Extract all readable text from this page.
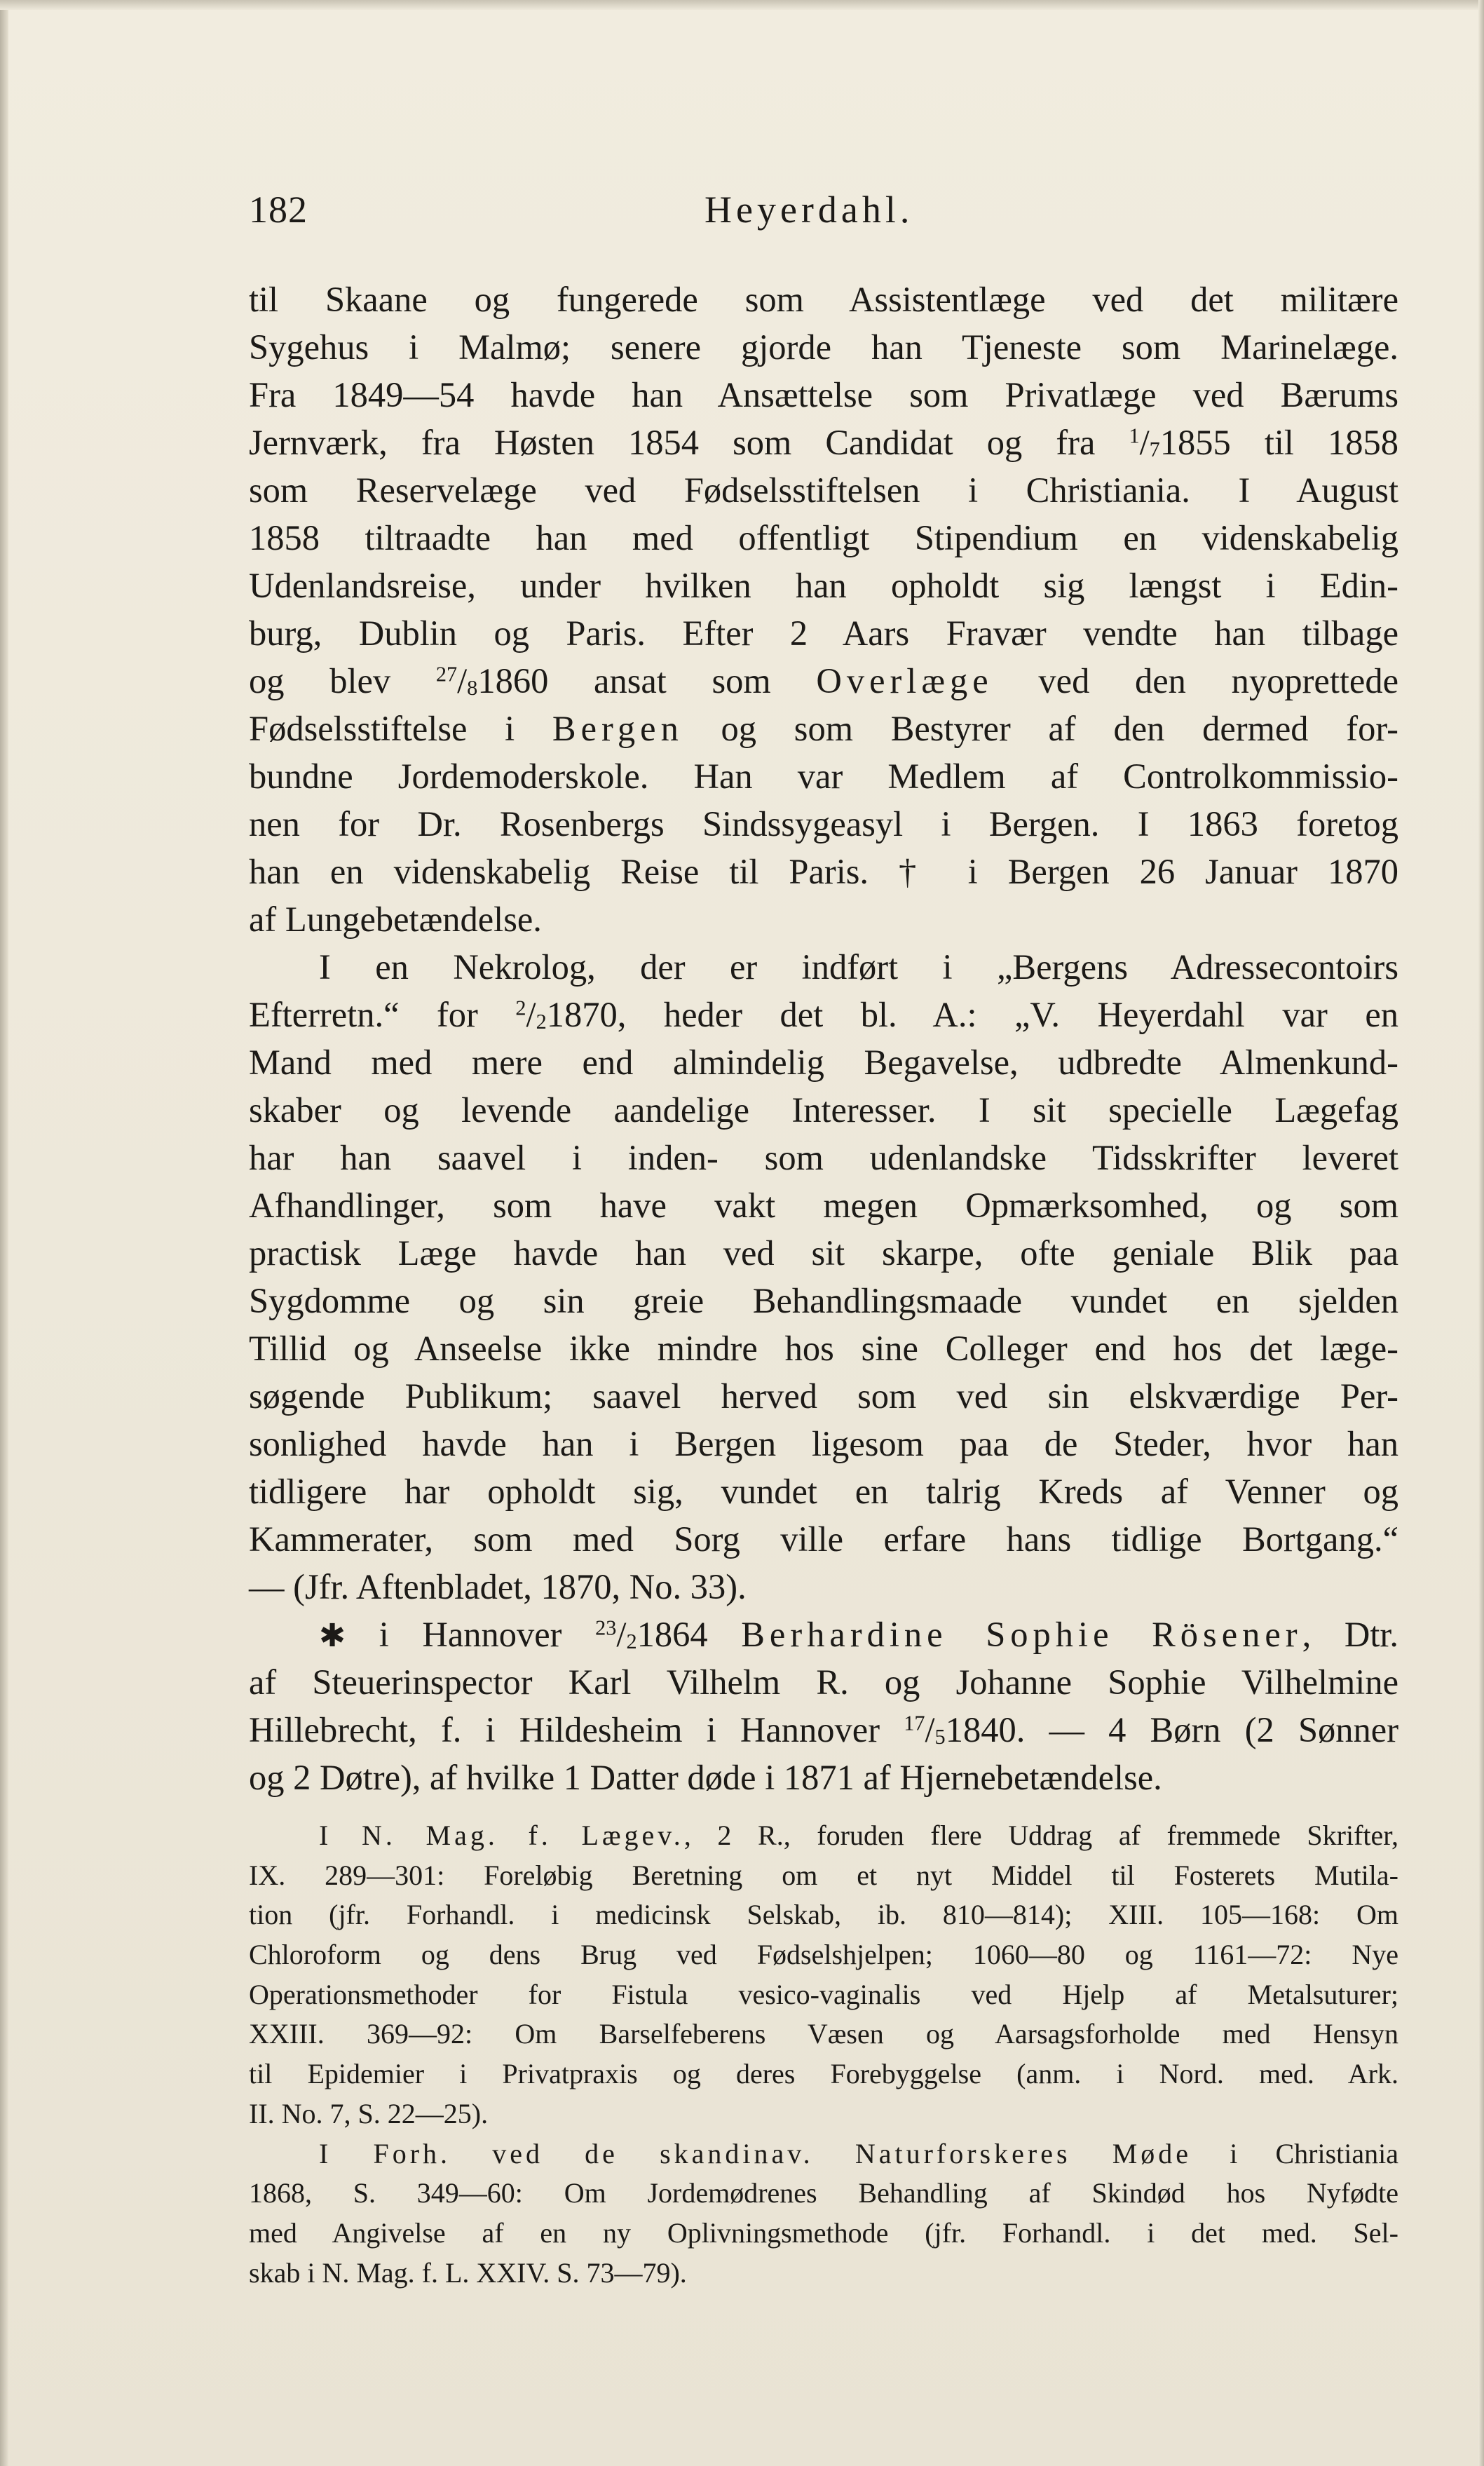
182	Heyerdahl.
til Skaane og fungerede som Assistentlæge ved det militære
Sygehus i Malmø; senere gjorde han Tjeneste som Marinelæge.
Fra 1849—54 havde han Ansættelse som Privatlæge ved Bærums
Jernværk, fra Høsten 1854 som Candidat og fra $^1/_71855$ til 1858
som Reservelæge ved Fødselsstiftelsen i Christiania. I August
1858 tiltraadte han med offentligt Stipendium en videnskabelig
Udenlandsreise, under hvilken han opholdt sig længst i Edin-
burg, Dublin og Paris. Efter 2 Aars Fravær vendte han tilbage
og blev $^{27}/_81860$ ansat som Overlæge ved den nyoprettede
Fødselsstiftelse i Bergen og som Bestyrer af den dermed for-
bundne Jordemoderskole. Han var Medlem af Controlkommissio-
nen for Dr. Rosenbergs Sindssygeasyl i Bergen. I 1863 foretog
han en videnskabelig Reise til Paris. † i Bergen 26 Januar 1870
af Lungebetændelse.
I en Nekrolog, der er indført i „Bergens Adressecontoirs
Efterretn.“ for $^2/_21870$, heder det bl. A.: „V. Heyerdahl var en
Mand med mere end almindelig Begavelse, udbredte Almenkund-
skaber og levende aandelige Interesser. I sit specielle Lægefag
har han saavel i inden- som udenlandske Tidsskrifter leveret
Afhandlinger, som have vakt megen Opmærksomhed, og som
practisk Læge havde han ved sit skarpe, ofte geniale Blik paa
Sygdomme og sin greie Behandlingsmaade vundet en sjelden
Tillid og Anseelse ikke mindre hos sine Colleger end hos det læge-
søgende Publikum; saavel herved som ved sin elskværdige Per-
sonlighed havde han i Bergen ligesom paa de Steder, hvor han
tidligere har opholdt sig, vundet en talrig Kreds af Venner og
Kammerater, som med Sorg ville erfare hans tidlige Bortgang.“
— (Jfr. Aftenbladet, 1870, No. 33).
✱ i Hannover $^{23}/_21864$ Berhardine Sophie Rösener, Dtr.
af Steuerinspector Karl Vilhelm R. og Johanne Sophie Vilhelmine
Hillebrecht, f. i Hildesheim i Hannover $^{17}/_51840$. — 4 Børn (2 Sønner
og 2 Døtre), af hvilke 1 Datter døde i 1871 af Hjernebetændelse.
I N. Mag. f. Lægev., 2 R., foruden flere Uddrag af fremmede Skrifter,
IX. 289—301: Foreløbig Beretning om et nyt Middel til Fosterets Mutila-
tion (jfr. Forhandl. i medicinsk Selskab, ib. 810—814); XIII. 105—168: Om
Chloroform og dens Brug ved Fødselshjelpen; 1060—80 og 1161—72: Nye
Operationsmethoder for Fistula vesico-vaginalis ved Hjelp af Metalsuturer;
XXIII. 369—92: Om Barselfeberens Væsen og Aarsagsforholde med Hensyn
til Epidemier i Privatpraxis og deres Forebyggelse (anm. i Nord. med. Ark.
II. No. 7, S. 22—25).
I Forh. ved de skandinav. Naturforskeres Møde i Christiania
1868, S. 349—60: Om Jordemødrenes Behandling af Skindød hos Nyfødte
med Angivelse af en ny Oplivningsmethode (jfr. Forhandl. i det med. Sel-
skab i N. Mag. f. L. XXIV. S. 73—79).
